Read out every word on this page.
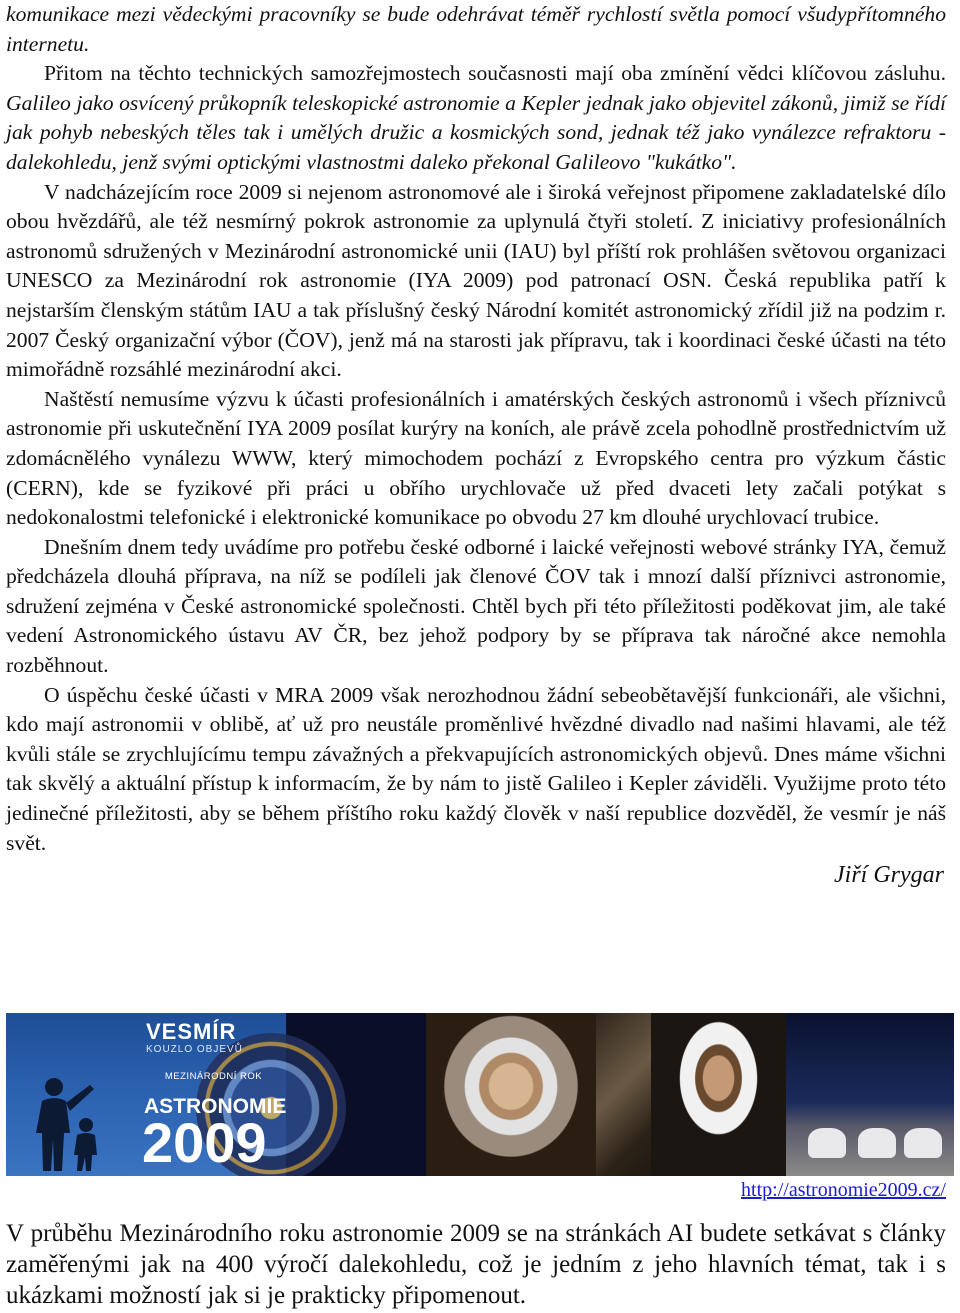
komunikace mezi vědeckými pracovníky se bude odehrávat téměř rychlostí světla pomocí všudypřítomného internetu.

Přitom na těchto technických samozřejmostech současnosti mají oba zmínění vědci klíčovou zásluhu. Galileo jako osvícený průkopník teleskopické astronomie a Kepler jednak jako objevitel zákonů, jimiž se řídí jak pohyb nebeských těles tak i umělých družic a kosmických sond, jednak též jako vynálezce refraktoru - dalekohledu, jenž svými optickými vlastnostmi daleko překonal Galileovo "kukátko".

V nadcházejícím roce 2009 si nejenom astronomové ale i široká veřejnost připomene zakladatelské dílo obou hvězdářů, ale též nesmírný pokrok astronomie za uplynulá čtyři století. Z iniciativy profesionálních astronomů sdružených v Mezinárodní astronomické unii (IAU) byl příští rok prohlášen světovou organizaci UNESCO za Mezinárodní rok astronomie (IYA 2009) pod patronací OSN. Česká republika patří k nejstarším členským státům IAU a tak příslušný český Národní komitét astronomický zřídil již na podzim r. 2007 Český organizační výbor (ČOV), jenž má na starosti jak přípravu, tak i koordinaci české účasti na této mimořádně rozsáhlé mezinárodní akci.

Naštěstí nemusíme výzvu k účasti profesionálních i amatérských českých astronomů i všech příznivců astronomie při uskutečnění IYA 2009 posílat kurýry na koních, ale právě zcela pohodlně prostřednictvím už zdomácnělého vynálezu WWW, který mimochodem pochází z Evropského centra pro výzkum částic (CERN), kde se fyzikové při práci u obřího urychlovače už před dvaceti lety začali potýkat s nedokonalostmi telefonické i elektronické komunikace po obvodu 27 km dlouhé urychlovací trubice.

Dnešním dnem tedy uvádíme pro potřebu české odborné i laické veřejnosti webové stránky IYA, čemuž předcházela dlouhá příprava, na níž se podíleli jak členové ČOV tak i mnozí další příznivci astronomie, sdružení zejména v České astronomické společnosti. Chtěl bych při této příležitosti poděkovat jim, ale také vedení Astronomického ústavu AV ČR, bez jehož podpory by se příprava tak náročné akce nemohla rozběhnout.

O úspěchu české účasti v MRA 2009 však nerozhodnou žádní sebeobětavější funkcionáři, ale všichni, kdo mají astronomii v oblibě, ať už pro neustále proměnlivé hvězdné divadlo nad našimi hlavami, ale též kvůli stále se zrychlujícímu tempu závažných a překvapujících astronomických objevů. Dnes máme všichni tak skvělý a aktuální přístup k informacím, že by nám to jistě Galileo i Kepler záviděli. Využijme proto této jedinečné příležitosti, aby se během příštího roku každý člověk v naší republice dozvěděl, že vesmír je náš svět.

Jiří Grygar

VESMÍR
KOUZLO OBJEVŮ
MEZINÁRODNÍ ROK
ASTRONOMIE
2009
http://astronomie2009.cz/

V průběhu Mezinárodního roku astronomie 2009 se na stránkách AI budete setkávat s články zaměřenými jak na 400 výročí dalekohledu, což je jedním z jeho hlavních témat, tak i s ukázkami možností jak si je prakticky připomenout.
